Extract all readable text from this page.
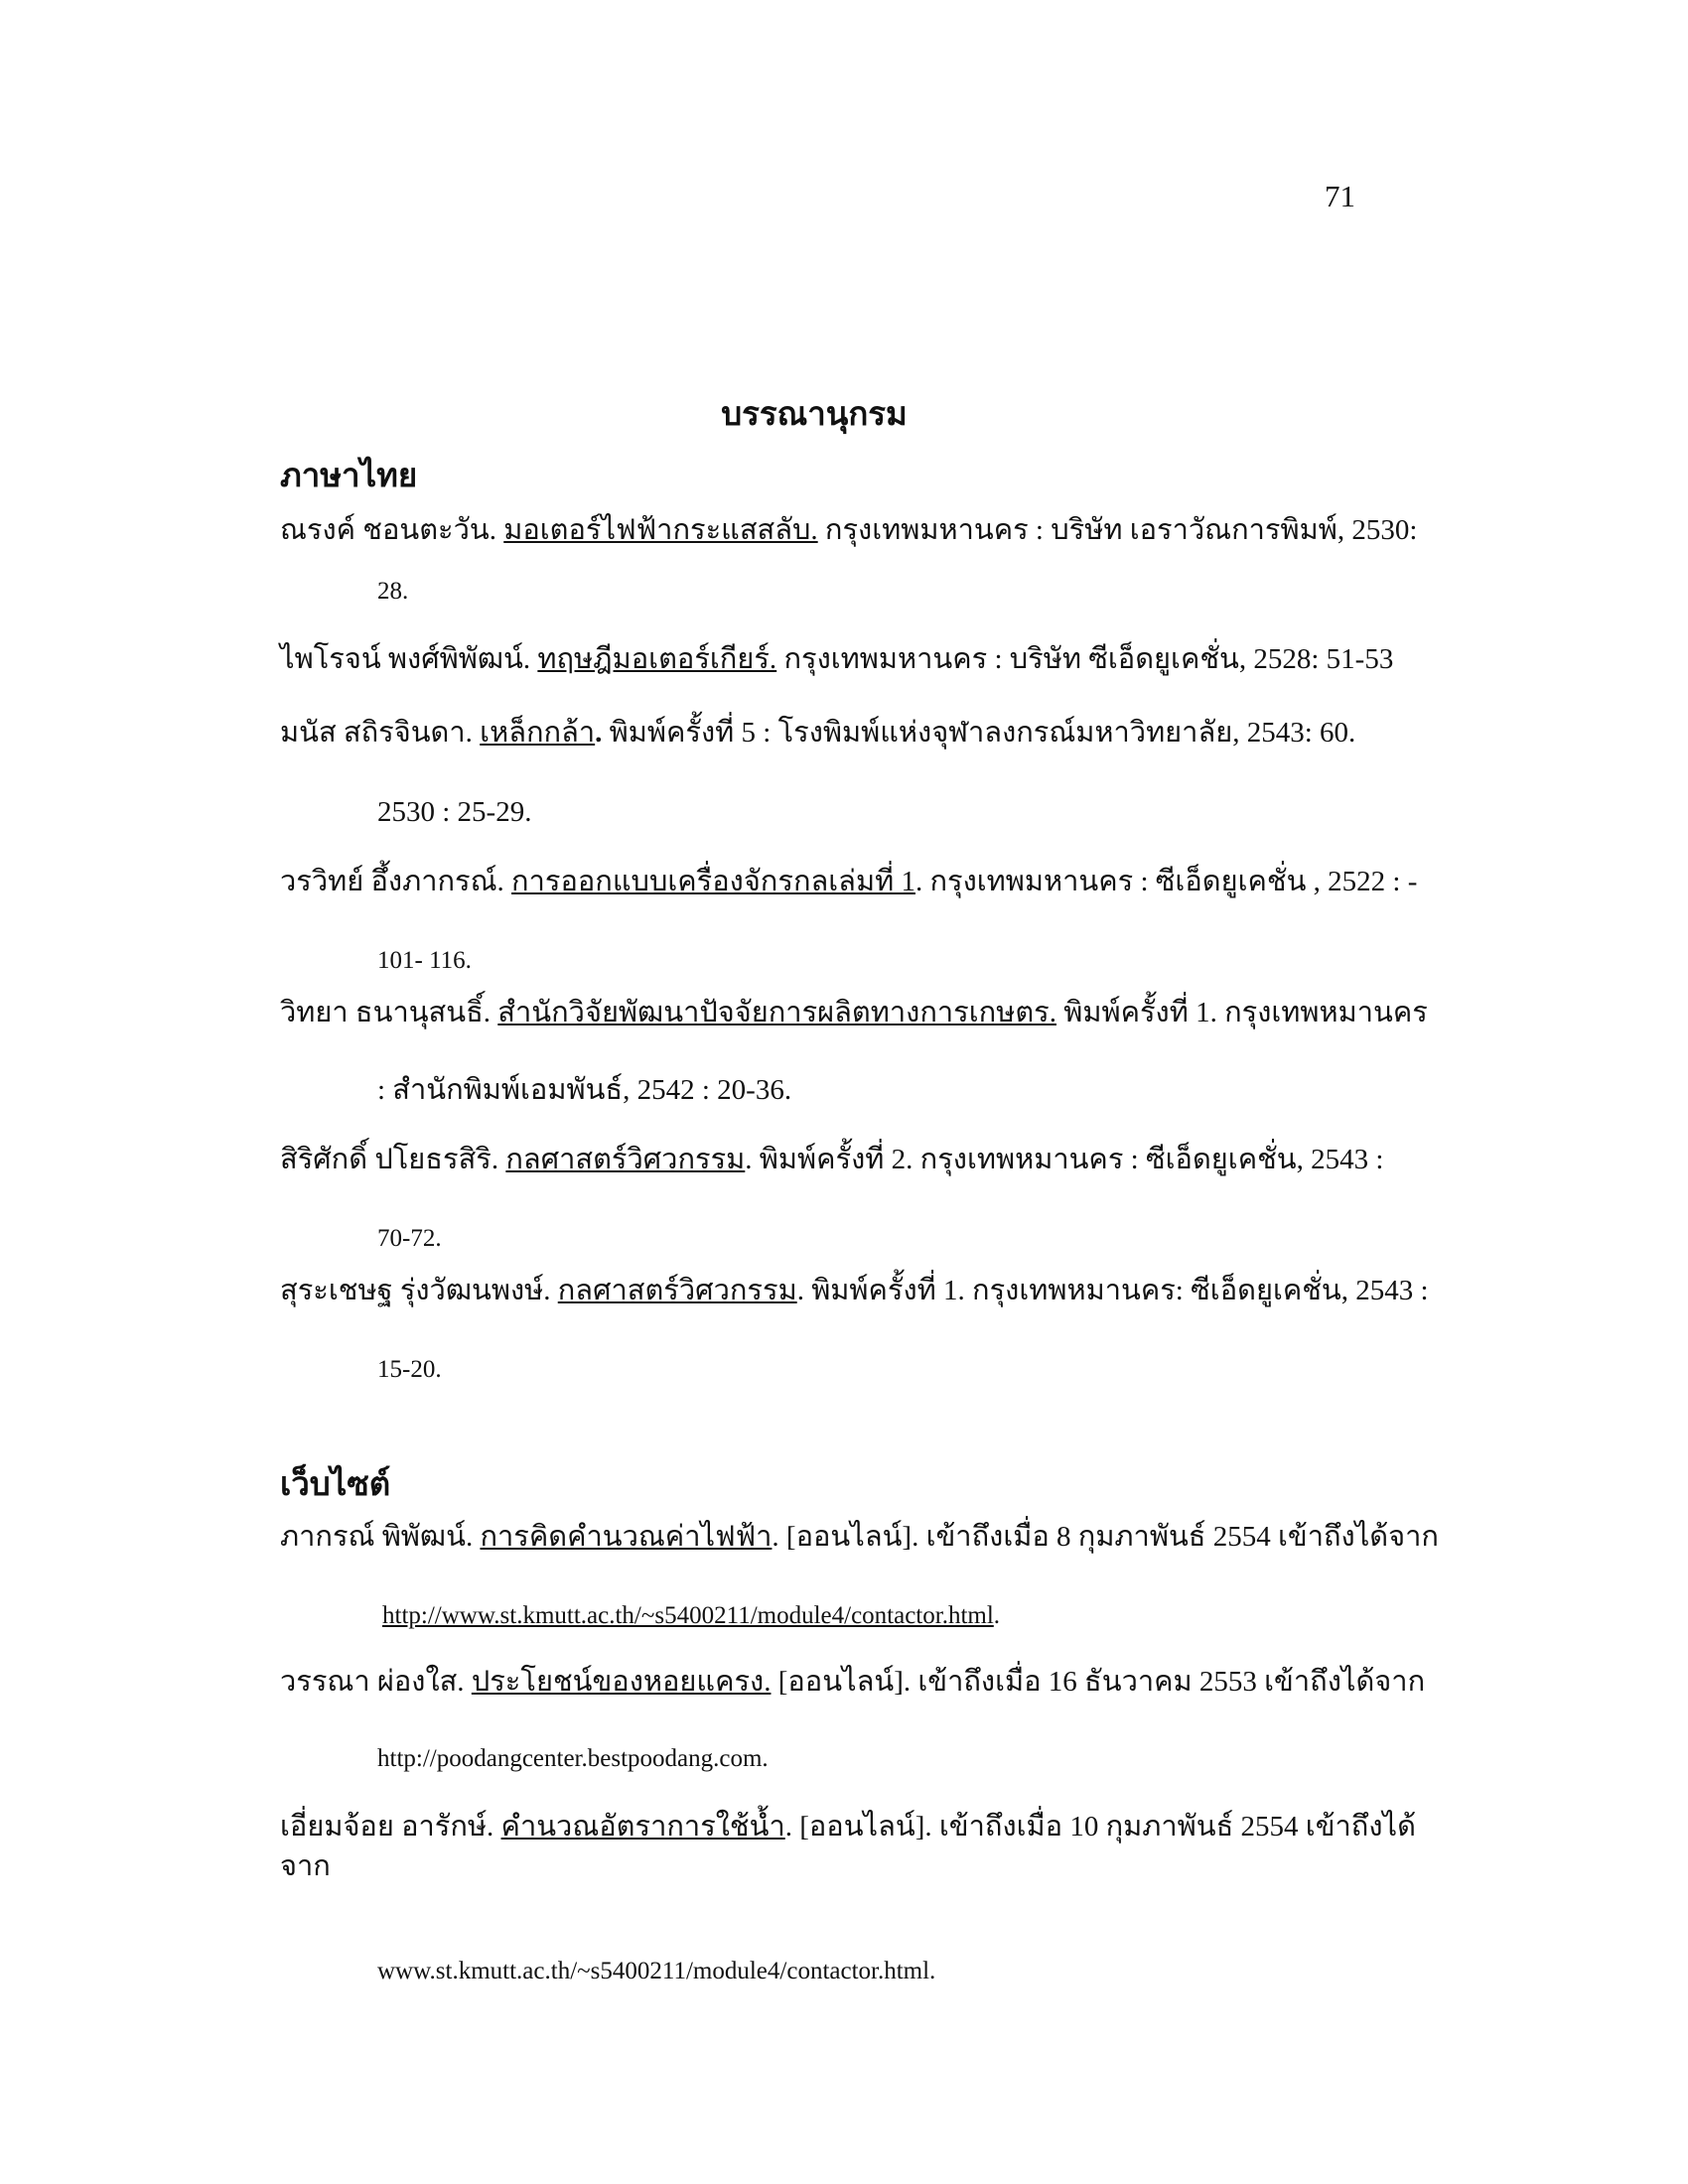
71
บรรณานุกรม
ภาษาไทย
ณรงค์ ชอนตะวัน. มอเตอร์ไฟฟ้ากระแสสลับ. กรุงเทพมหานคร : บริษัท เอราวัณการพิมพ์, 2530:
28.
ไพโรจน์ พงศ์พิพัฒน์. ทฤษฎีมอเตอร์เกียร์. กรุงเทพมหานคร : บริษัท ซีเอ็ดยูเคชั่น, 2528: 51-53
มนัส สถิรจินดา. เหล็กกล้า. พิมพ์ครั้งที่ 5 : โรงพิมพ์แห่งจุฬาลงกรณ์มหาวิทยาลัย, 2543: 60.
2530 : 25-29.
วรวิทย์ อึ้งภากรณ์. การออกแบบเครื่องจักรกลเล่มที่ 1. กรุงเทพมหานคร : ซีเอ็ดยูเคชั่น , 2522 : -
101- 116.
วิทยา ธนานุสนธิ์. สำนักวิจัยพัฒนาปัจจัยการผลิตทางการเกษตร. พิมพ์ครั้งที่ 1. กรุงเทพหมานคร
: สำนักพิมพ์เอมพันธ์, 2542 : 20-36.
สิริศักดิ์ ปโยธรสิริ. กลศาสตร์วิศวกรรม. พิมพ์ครั้งที่ 2. กรุงเทพหมานคร : ซีเอ็ดยูเคชั่น, 2543 :
70-72.
สุระเชษฐ รุ่งวัฒนพงษ์. กลศาสตร์วิศวกรรม. พิมพ์ครั้งที่ 1. กรุงเทพหมานคร: ซีเอ็ดยูเคชั่น, 2543 :
15-20.
เว็บไซต์
ภากรณ์ พิพัฒน์. การคิดคำนวณค่าไฟฟ้า. [ออนไลน์]. เข้าถึงเมื่อ 8 กุมภาพันธ์ 2554 เข้าถึงได้จาก
http://www.st.kmutt.ac.th/~s5400211/module4/contactor.html.
วรรณา ผ่องใส. ประโยชน์ของหอยแครง. [ออนไลน์]. เข้าถึงเมื่อ 16 ธันวาคม 2553 เข้าถึงได้จาก
http://poodangcenter.bestpoodang.com.
เอี่ยมจ้อย อารักษ์. คำนวณอัตราการใช้น้ำ. [ออนไลน์]. เข้าถึงเมื่อ 10 กุมภาพันธ์ 2554 เข้าถึงได้
จาก
www.st.kmutt.ac.th/~s5400211/module4/contactor.html.
